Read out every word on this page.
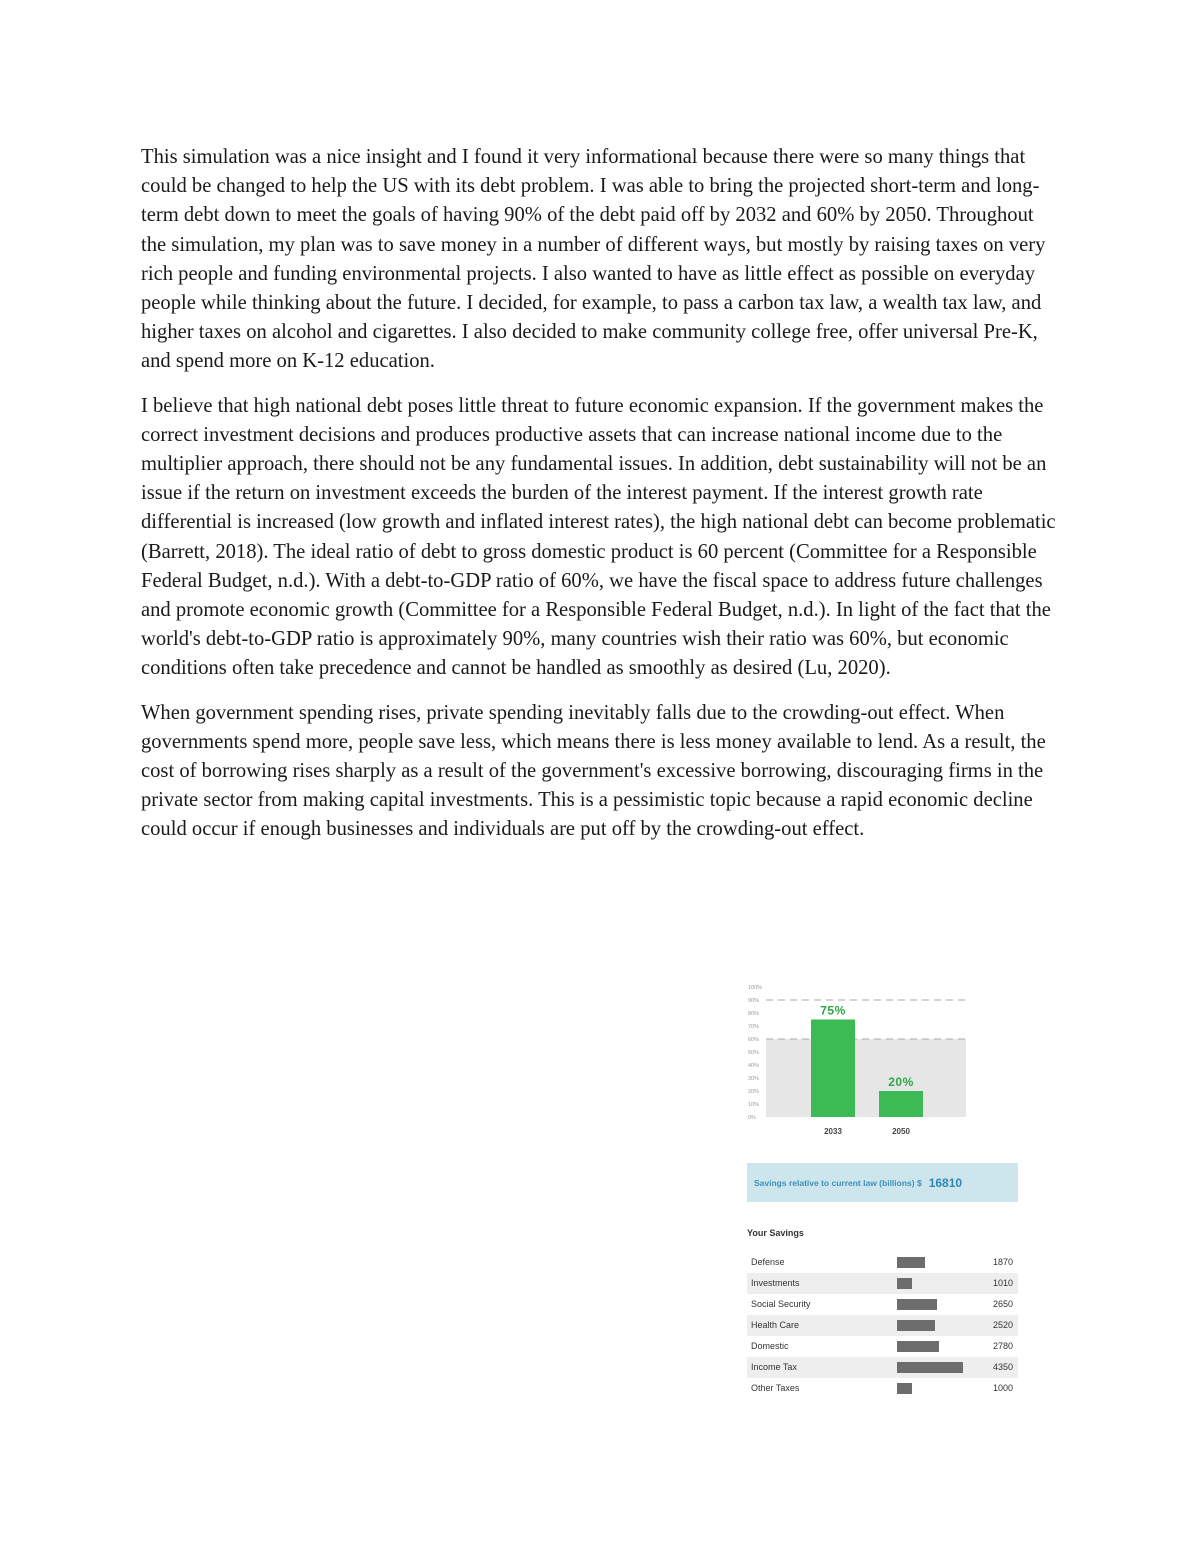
This simulation was a nice insight and I found it very informational because there were so many things that could be changed to help the US with its debt problem. I was able to bring the projected short-term and long-term debt down to meet the goals of having 90% of the debt paid off by 2032 and 60% by 2050. Throughout the simulation, my plan was to save money in a number of different ways, but mostly by raising taxes on very rich people and funding environmental projects. I also wanted to have as little effect as possible on everyday people while thinking about the future. I decided, for example, to pass a carbon tax law, a wealth tax law, and higher taxes on alcohol and cigarettes. I also decided to make community college free, offer universal Pre-K, and spend more on K-12 education.

I believe that high national debt poses little threat to future economic expansion. If the government makes the correct investment decisions and produces productive assets that can increase national income due to the multiplier approach, there should not be any fundamental issues. In addition, debt sustainability will not be an issue if the return on investment exceeds the burden of the interest payment. If the interest growth rate differential is increased (low growth and inflated interest rates), the high national debt can become problematic (Barrett, 2018). The ideal ratio of debt to gross domestic product is 60 percent (Committee for a Responsible Federal Budget, n.d.). With a debt-to-GDP ratio of 60%, we have the fiscal space to address future challenges and promote economic growth (Committee for a Responsible Federal Budget, n.d.). In light of the fact that the world's debt-to-GDP ratio is approximately 90%, many countries wish their ratio was 60%, but economic conditions often take precedence and cannot be handled as smoothly as desired (Lu, 2020).

When government spending rises, private spending inevitably falls due to the crowding-out effect. When governments spend more, people save less, which means there is less money available to lend. As a result, the cost of borrowing rises sharply as a result of the government's excessive borrowing, discouraging firms in the private sector from making capital investments. This is a pessimistic topic because a rapid economic decline could occur if enough businesses and individuals are put off by the crowding-out effect.

0%
10%
20%
30%
40%
50%
60%
70%
80%
90%
100%
75%
2033
20%
2050
Savings relative to current law (billions) $ 16810
Your Savings
Defense	1870
Investments	1010
Social Security	2650
Health Care	2520
Domestic	2780
Income Tax	4350
Other Taxes	1000
